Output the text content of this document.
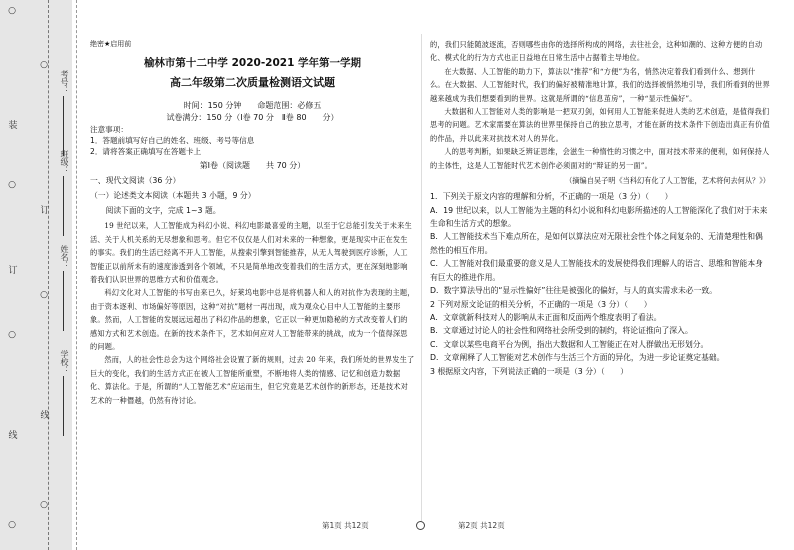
○
装
○
订
○
线
○
○
订
○
线
○
考号：
班级：
姓名：
学校：
绝密★启用前
榆林市第十二中学 2020-2021 学年第一学期
高二年级第二次质量检测语文试题
时间：150 分钟　　命题范围：必修五
试卷满分：150 分（Ⅰ卷 70 分　Ⅱ卷 80　　分）

注意事项：

1．答题前填写好自己的姓名、班级、考号等信息

2．请将答案正确填写在答题卡上

第Ⅰ卷（阅读题　　共 70 分）
一、现代文阅读（36 分）
（一）论述类文本阅读（本题共 3 小题，9 分）
阅读下面的文字，完成 1~3 题。

19 世纪以来，人工智能成为科幻小说、科幻电影最喜爱的主题，以至于它总能引发关于未来生活、关于人机关系的无尽想象和思考。但它不仅仅是人们对未来的一种想象，更是现实中正在发生的事实。我们的生活已经离不开人工智能，从搜索引擎到智能推荐，从无人驾驶到医疗诊断，人工智能正以前所未有的速度渗透到各个领域，不只是简单地改变着我们的生活方式，更在深刻地影响着我们认识世界的思维方式和价值观念。

科幻文化对人工智能的书写由来已久，好莱坞电影中总是将机器人和人的对抗作为表现的主题，由于资本逐利、市场偏好等原因，这种“对抗”题材一再出现，成为观众心目中人工智能的主要形象。然而，人工智能的发展远远超出了科幻作品的想象，它正以一种更加隐秘的方式改变着人们的感知方式和艺术创造。在新的技术条件下，艺术如何应对人工智能带来的挑战，成为一个值得深思的问题。

然而，人的社会性总会为这个网络社会设置了新的规则，过去 20 年来，我们所处的世界发生了巨大的变化，我们的生活方式正在被人工智能所重塑，不断地将人类的情感、记忆和创造力数据化、算法化。于是，所谓的“人工智能艺术”应运而生，但它究竟是艺术创作的新形态，还是技术对艺术的一种僭越，仍然有待讨论。

的，我们只能随波逐流，否则哪些由你的选择所构成的网络，去往社会，这种如潮的、这种方便的自动化、模式化的行为方式也正日益地在日常生活中占据着主导地位。

在大数据、人工智能的助力下，算法以“推荐”和“方便”为名，悄然决定着我们看到什么、想到什么。在大数据、人工智能时代，我们的偏好被精准地计算，我们的选择被悄然地引导，我们所看到的世界越来越成为我们想要看到的世界。这就是所谓的“信息茧房”，一种“显示性偏好”。

大数据和人工智能对人类的影响是一把双刃剑，如何用人工智能来促进人类的艺术创造，是值得我们思考的问题。艺术家需要在算法的世界里保持自己的独立思考，才能在新的技术条件下创造出真正有价值的作品，并以此来对抗技术对人的异化。

人的思考判断，如果缺乏辨证思维，会滋生一种惰性的习惯之中，面对技术带来的便利，如何保持人的主体性，这是人工智能时代艺术创作必须面对的“辩证的另一面”。

（摘编自吴子明《当科幻有化了人工智能，艺术将何去何从？》）

1．下列关于原文内容的理解和分析，不正确的一项是（3 分）（　　）

A．19 世纪以来，以人工智能为主题的科幻小说和科幻电影所描述的人工智能深化了我们对于未来生命和生活方式的想象。

B．人工智能技术当下难点所在，是如何以算法应对无限社会性个体之间复杂的、无清楚理性和偶然性的相互作用。

C．人工智能对我们最重要的意义是人工智能技术的发展使得我们理解人的语言、思维和智能本身有巨大的推进作用。

D．数字算法导出的“显示性偏好”往往是被强化的偏好，与人的真实需求未必一致。

2 下列对原文论证的相关分析，不正确的一项是（3 分）（　　）

A．文章就新科技对人的影响从未正面和反面两个维度表明了看法。

B．文章通过讨论人的社会性和网络社会所受到的制约，将论证推向了深入。

C．文章以某些电商平台为例，指出大数据和人工智能正在对人群做出无形划分。

D．文章阐释了人工智能对艺术创作与生活三个方面的异化，为进一步论证奠定基础。

3 根据原文内容，下列说法正确的一项是（3 分）（　　）

第1页 共12页	第2页 共12页
